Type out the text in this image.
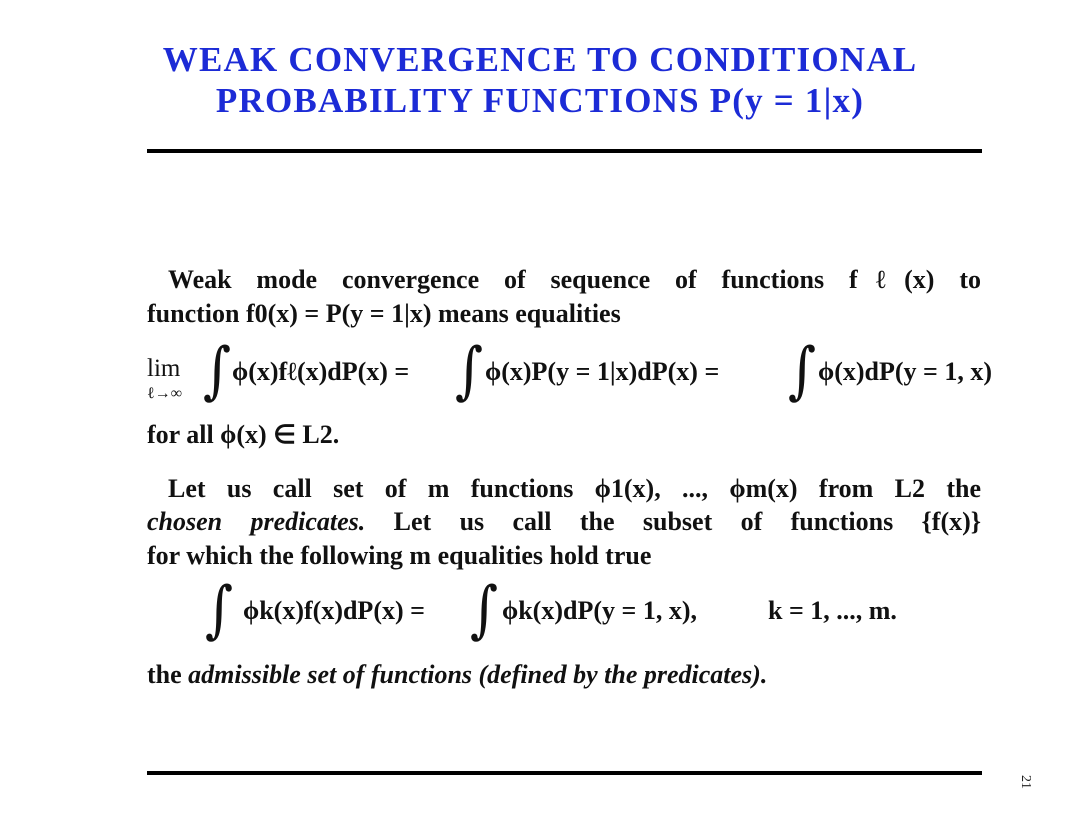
WEAK CONVERGENCE TO CONDITIONAL
PROBABILITY FUNCTIONS P(y = 1|x)
Weak mode convergence of sequence of functions fℓ(x) to
function f0(x) = P(y = 1|x) means equalities
lim
ℓ→∞ ∫ ϕ(x)fℓ(x)dP(x) = ∫ ϕ(x)P(y = 1|x)dP(x) = ∫ ϕ(x)dP(y = 1, x)
for all ϕ(x) ∈ L2.
Let us call set of m functions ϕ1(x), ..., ϕm(x) from L2 the
chosen predicates. Let us call the subset of functions {f(x)}
for which the following m equalities hold true
∫ ϕk(x)f(x)dP(x) = ∫ ϕk(x)dP(y = 1, x),	k = 1, ..., m.
the admissible set of functions (defined by the predicates).
21
